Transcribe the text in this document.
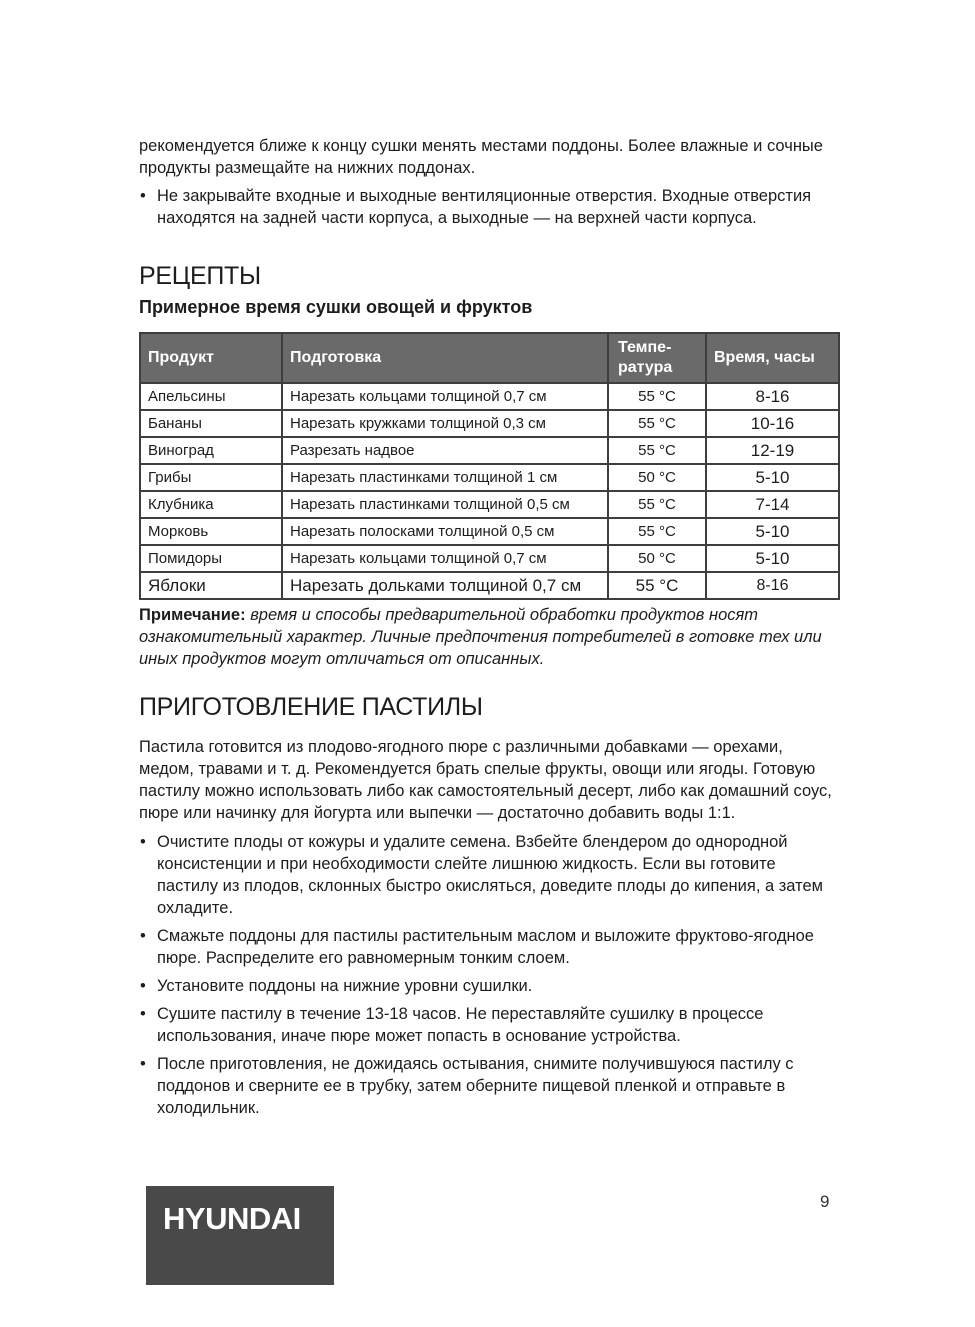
рекомендуется ближе к концу сушки менять местами поддоны. Более влажные и сочные продукты размещайте на нижних поддонах.

• Не закрывайте входные и выходные вентиляционные отверстия. Входные отверстия находятся на задней части корпуса, а выходные — на верхней части корпуса.
РЕЦЕПТЫ
Примерное время сушки овощей и фруктов
Продукт	Подготовка	Темпе-ратура	Время, часы
Апельсины	Нарезать кольцами толщиной 0,7 см	55 °C	8-16
Бананы	Нарезать кружками толщиной 0,3 см	55 °C	10-16
Виноград	Разрезать надвое	55 °C	12-19
Грибы	Нарезать пластинками толщиной 1 см	50 °C	5-10
Клубника	Нарезать пластинками толщиной 0,5 см	55 °C	7-14
Морковь	Нарезать полосками толщиной 0,5 см	55 °C	5-10
Помидоры	Нарезать кольцами толщиной 0,7 см	50 °C	5-10
Яблоки	Нарезать дольками толщиной 0,7 см	55 °C	8-16

Примечание: время и способы предварительной обработки продуктов носят ознакомительный характер. Личные предпочтения потребителей в готовке тех или иных продуктов могут отличаться от описанных.

ПРИГОТОВЛЕНИЕ ПАСТИЛЫ

Пастила готовится из плодово-ягодного пюре с различными добавками — орехами, медом, травами и т. д. Рекомендуется брать спелые фрукты, овощи или ягоды. Готовую пастилу можно использовать либо как самостоятельный десерт, либо как домашний соус, пюре или начинку для йогурта или выпечки — достаточно добавить воды 1:1.

• Очистите плоды от кожуры и удалите семена. Взбейте блендером до однородной консистенции и при необходимости слейте лишнюю жидкость. Если вы готовите пастилу из плодов, склонных быстро окисляться, доведите плоды до кипения, а затем охладите.
• Смажьте поддоны для пастилы растительным маслом и выложите фруктово-ягодное пюре. Распределите его равномерным тонким слоем.
• Установите поддоны на нижние уровни сушилки.
• Сушите пастилу в течение 13-18 часов. Не переставляйте сушилку в процессе использования, иначе пюре может попасть в основание устройства.
• После приготовления, не дожидаясь остывания, снимите получившуюся пастилу с поддонов и сверните ее в трубку, затем оберните пищевой пленкой и отправьте в холодильник.
9
HYUNDAI
